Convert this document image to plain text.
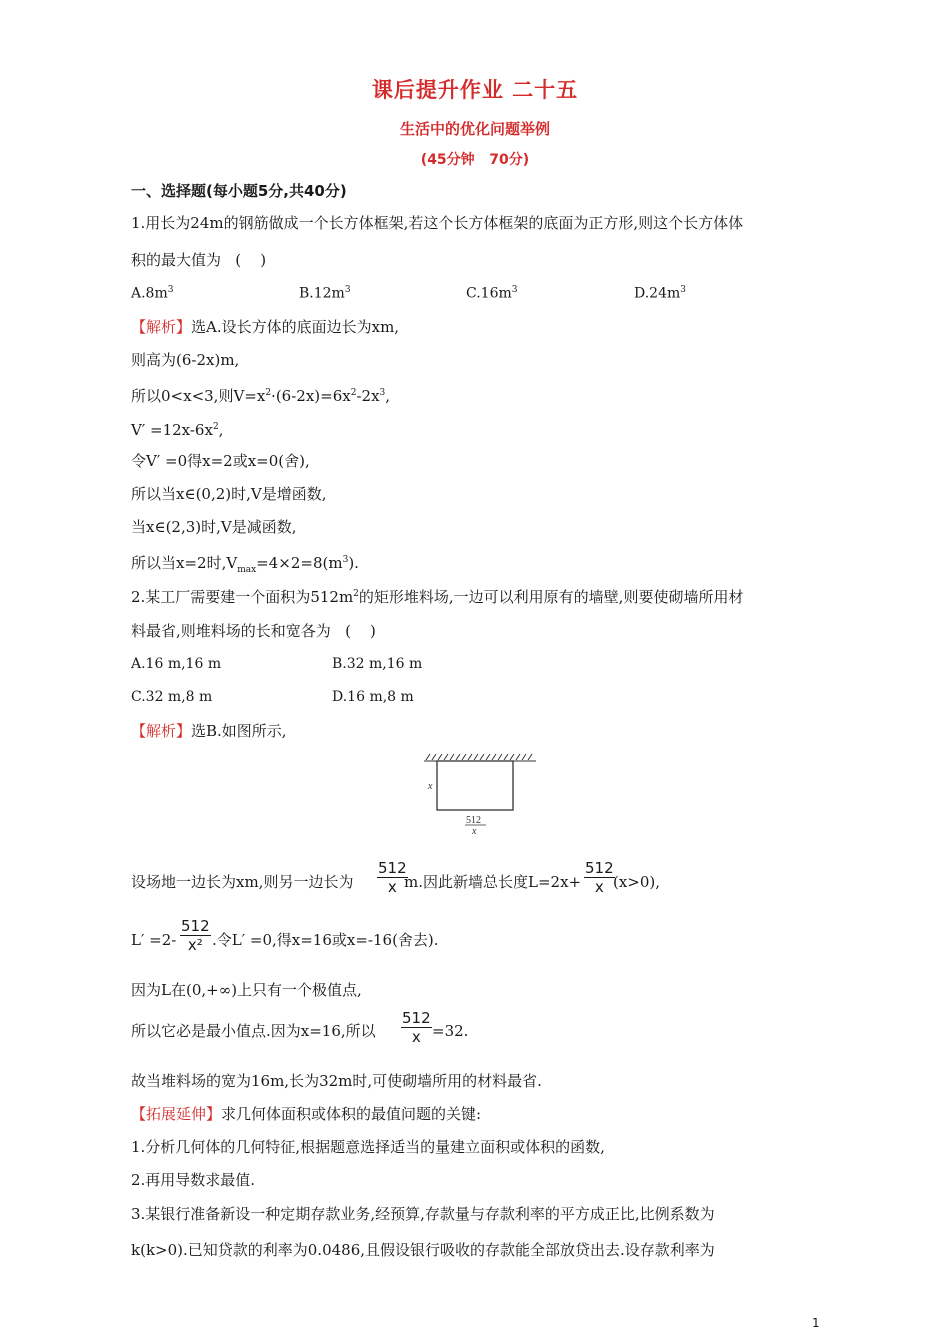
课后提升作业 二十五
生活中的优化问题举例
(45分钟   70分)
一、选择题(每小题5分,共40分)
1.用长为24m的钢筋做成一个长方体框架,若这个长方体框架的底面为正方形,则这个长方体体
积的最大值为   (    )
$A.8m^3$	$B.12m^3$	$C.16m^3$	$D.24m^3$
【解析】选A.设长方体的底面边长为xm,
则高为(6-2x)m,
所以0<x<3,则$V=x^2\cdot(6-2x)=6x^2-2x^3$,
$V' =12x-6x^2$,
令V′ =0得x=2或x=0(舍),
所以当x∈(0,2)时,V是增函数,
当x∈(2,3)时,V是减函数,
所以当x=2时$,V_{max}=4\times 2=8(m^3)$.
2.某工厂需要建一个面积为$512m^2$的矩形堆料场,一边可以利用原有的墙壁,则要使砌墙所用材
料最省,则堆料场的长和宽各为   (    )
A.16 m,16 m	B.32 m,16 m
C.32 m,8 m	D.16 m,8 m
【解析】选B.如图所示,
x
512
x
设场地一边长为xm,则另一边长为
512
x m.因此新墙总长度L=2x+
512
x (x>0),
L′ =2-
512
x² .令L′ =0,得x=16或x=-16(舍去).
因为L在(0,+∞)上只有一个极值点,
所以它必是最小值点.因为x=16,所以
512
x =32.
故当堆料场的宽为16m,长为32m时,可使砌墙所用的材料最省.
【拓展延伸】求几何体面积或体积的最值问题的关键:
1.分析几何体的几何特征,根据题意选择适当的量建立面积或体积的函数,
2.再用导数求最值.
3.某银行准备新设一种定期存款业务,经预算,存款量与存款利率的平方成正比,比例系数为
k(k>0).已知贷款的利率为0.0486,且假设银行吸收的存款能全部放贷出去.设存款利率为
1
